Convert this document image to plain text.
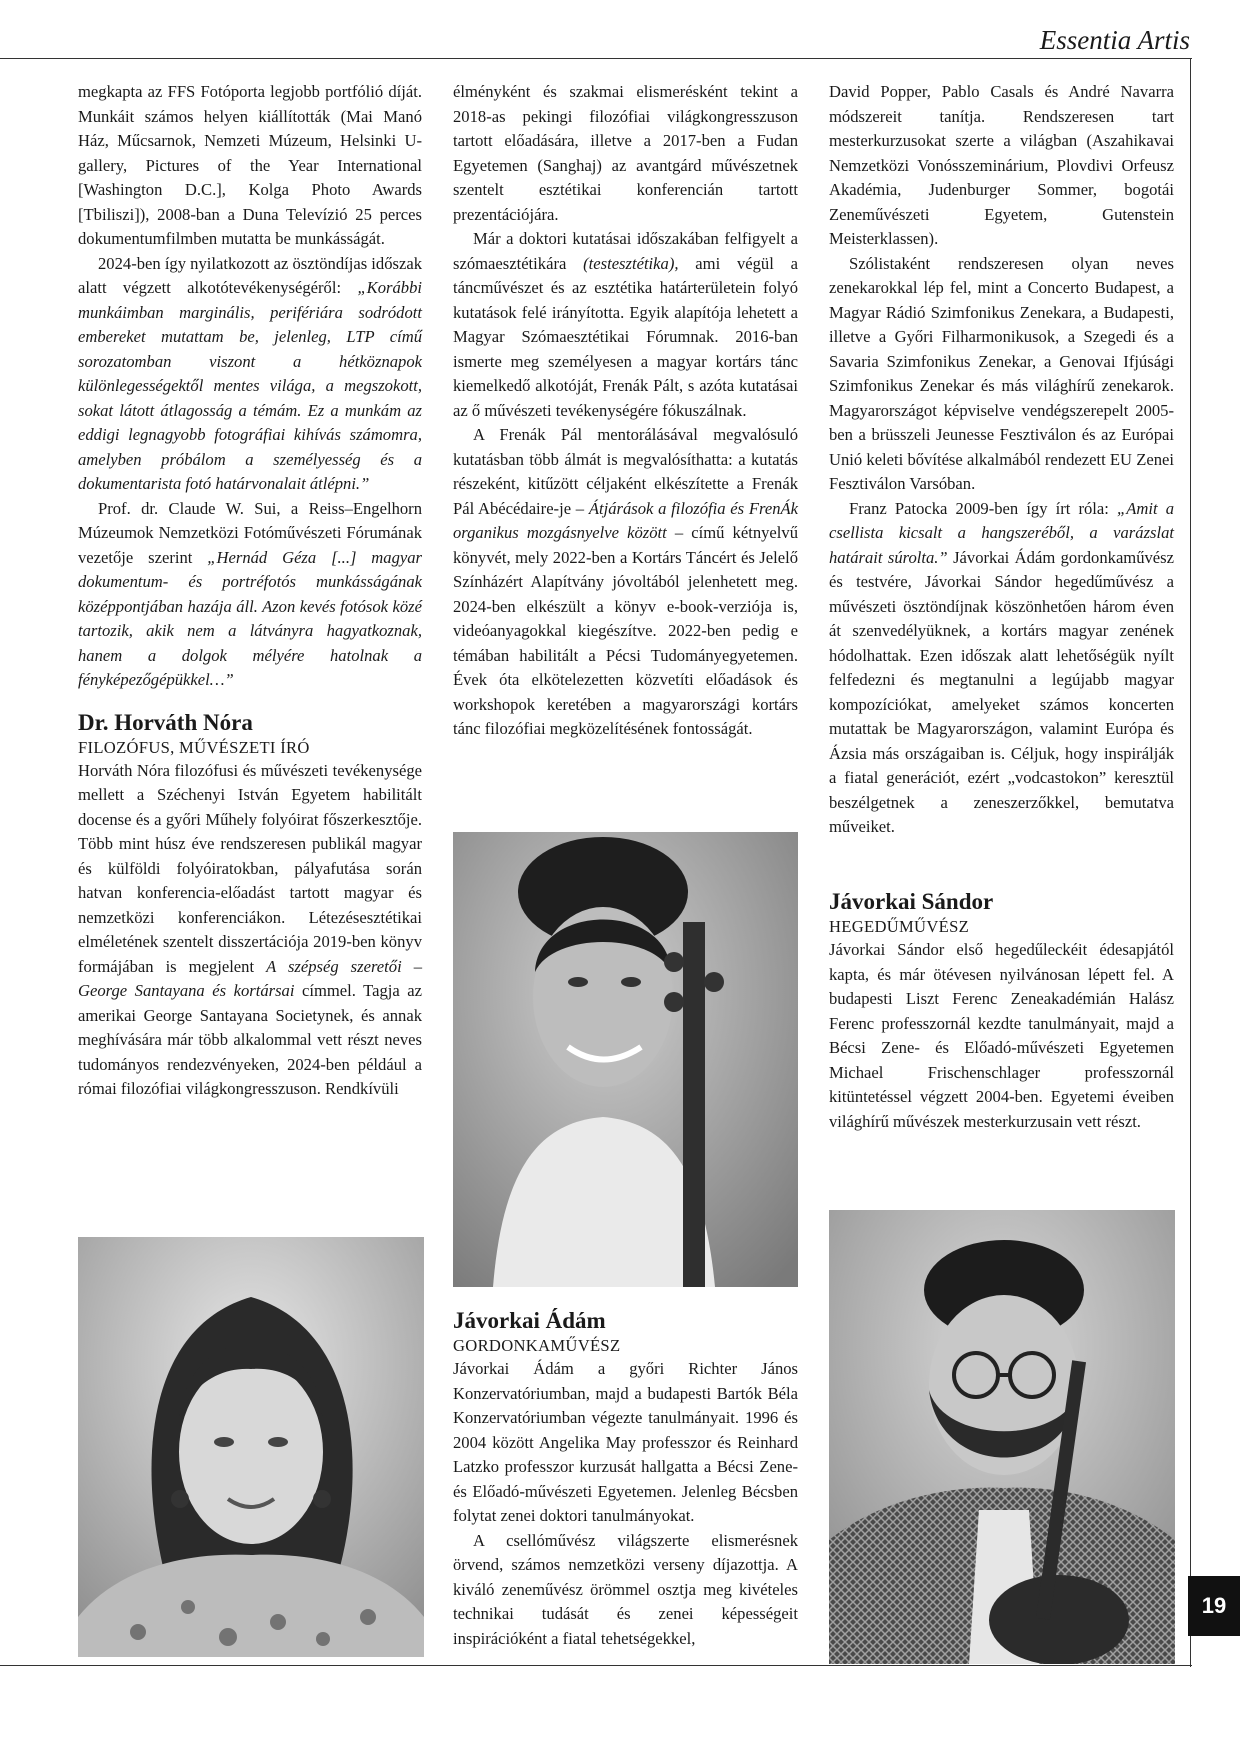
Essentia Artis
19

megkapta az FFS Fotóporta legjobb portfólió díját. Munkáit számos helyen kiállították (Mai Manó Ház, Műcsarnok, Nemzeti Múzeum, Helsinki U-gallery, Pictures of the Year International [Washington D.C.], Kolga Photo Awards [Tbiliszi]), 2008-ban a Duna Televízió 25 perces dokumentumfilmben mutatta be munkásságát.

2024-ben így nyilatkozott az ösztöndíjas időszak alatt végzett alkotótevékenységéről: „Korábbi munkáimban marginális, perifériára sodródott embereket mutattam be, jelenleg, LTP című sorozatomban viszont a hétköznapok különlegességektől mentes világa, a megszokott, sokat látott átlagosság a témám. Ez a munkám az eddigi legnagyobb fotográfiai kihívás számomra, amelyben próbálom a személyesség és a dokumentarista fotó határvonalait átlépni.”

Prof. dr. Claude W. Sui, a Reiss–Engelhorn Múzeumok Nemzetközi Fotóművészeti Fórumának vezetője szerint „Hernád Géza [...] magyar dokumentum- és portréfotós munkásságának középpontjában hazája áll. Azon kevés fotósok közé tartozik, akik nem a látványra hagyatkoznak, hanem a dolgok mélyére hatolnak a fényképezőgépükkel…”

Dr. Horváth Nóra
FILOZÓFUS, MŰVÉSZETI ÍRÓ

Horváth Nóra filozófusi és művészeti tevékenysége mellett a Széchenyi István Egyetem habilitált docense és a győri Műhely folyóirat főszerkesztője. Több mint húsz éve rendszeresen publikál magyar és külföldi folyóiratokban, pályafutása során hatvan konferencia-előadást tartott magyar és nemzetközi konferenciákon. Létezésesztétikai elméletének szentelt disszertációja 2019-ben könyv formájában is megjelent A szépség szeretői – George Santayana és kortársai címmel. Tagja az amerikai George Santayana Societynek, és annak meghívására már több alkalommal vett részt neves tudományos rendezvényeken, 2024-ben például a római filozófiai világkongresszuson. Rendkívüli

élményként és szakmai elismerésként tekint a 2018-as pekingi filozófiai világkongresszuson tartott előadására, illetve a 2017-ben a Fudan Egyetemen (Sanghaj) az avantgárd művészetnek szentelt esztétikai konferencián tartott prezentációjára.

Már a doktori kutatásai időszakában felfigyelt a szómaesztétikára (testesztétika), ami végül a táncművészet és az esztétika határterületein folyó kutatások felé irányította. Egyik alapítója lehetett a Magyar Szómaesztétikai Fórumnak. 2016-ban ismerte meg személyesen a magyar kortárs tánc kiemelkedő alkotóját, Frenák Pált, s azóta kutatásai az ő művészeti tevékenységére fókuszálnak.

A Frenák Pál mentorálásával megvalósuló kutatásban több álmát is megvalósíthatta: a kutatás részeként, kitűzött céljaként elkészítette a Frenák Pál Abécédaire-je – Átjárások a filozófia és FrenÁk organikus mozgásnyelve között – című kétnyelvű könyvét, mely 2022-ben a Kortárs Táncért és Jelelő Színházért Alapítvány jóvoltából jelenhetett meg. 2024-ben elkészült a könyv e-book-verziója is, videóanyagokkal kiegészítve. 2022-ben pedig e témában habilitált a Pécsi Tudományegyetemen. Évek óta elkötelezetten közvetíti előadások és workshopok keretében a magyarországi kortárs tánc filozófiai megközelítésének fontosságát.

Jávorkai Ádám
GORDONKAMŰVÉSZ

Jávorkai Ádám a győri Richter János Konzervatóriumban, majd a budapesti Bartók Béla Konzervatóriumban végezte tanulmányait. 1996 és 2004 között Angelika May professzor és Reinhard Latzko professzor kurzusát hallgatta a Bécsi Zene- és Előadó-művészeti Egyetemen. Jelenleg Bécsben folytat zenei doktori tanulmányokat.

A csellóművész világszerte elismerésnek örvend, számos nemzetközi verseny díjazottja. A kiváló zeneművész örömmel osztja meg kivételes technikai tudását és zenei képességeit inspirációként a fiatal tehetségekkel,

David Popper, Pablo Casals és André Navarra módszereit tanítja. Rendszeresen tart mesterkurzusokat szerte a világban (Aszahikavai Nemzetközi Vonósszeminárium, Plovdivi Orfeusz Akadémia, Judenburger Sommer, bogotái Zeneművészeti Egyetem, Gutenstein Meisterklassen).

Szólistaként rendszeresen olyan neves zenekarokkal lép fel, mint a Concerto Budapest, a Magyar Rádió Szimfonikus Zenekara, a Budapesti, illetve a Győri Filharmonikusok, a Szegedi és a Savaria Szimfonikus Zenekar, a Genovai Ifjúsági Szimfonikus Zenekar és más világhírű zenekarok. Magyarországot képviselve vendégszerepelt 2005-ben a brüsszeli Jeunesse Fesztiválon és az Európai Unió keleti bővítése alkalmából rendezett EU Zenei Fesztiválon Varsóban.

Franz Patocka 2009-ben így írt róla: „Amit a csellista kicsalt a hangszeréből, a varázslat határait súrolta.” Jávorkai Ádám gordonkaművész és testvére, Jávorkai Sándor hegedűművész a művészeti ösztöndíjnak köszönhetően három éven át szenvedélyüknek, a kortárs magyar zenének hódolhattak. Ezen időszak alatt lehetőségük nyílt felfedezni és megtanulni a legújabb magyar kompozíciókat, amelyeket számos koncerten mutattak be Magyarországon, valamint Európa és Ázsia más országaiban is. Céljuk, hogy inspirálják a fiatal generációt, ezért „vodcastokon” keresztül beszélgetnek a zeneszerzőkkel, bemutatva műveiket.

Jávorkai Sándor
HEGEDŰMŰVÉSZ

Jávorkai Sándor első hegedűleckéit édesapjától kapta, és már ötévesen nyilvánosan lépett fel. A budapesti Liszt Ferenc Zeneakadémián Halász Ferenc professzornál kezdte tanulmányait, majd a Bécsi Zene- és Előadó-művészeti Egyetemen Michael Frischenschlager professzornál kitüntetéssel végzett 2004-ben. Egyetemi éveiben világhírű művészek mesterkurzusain vett részt.
